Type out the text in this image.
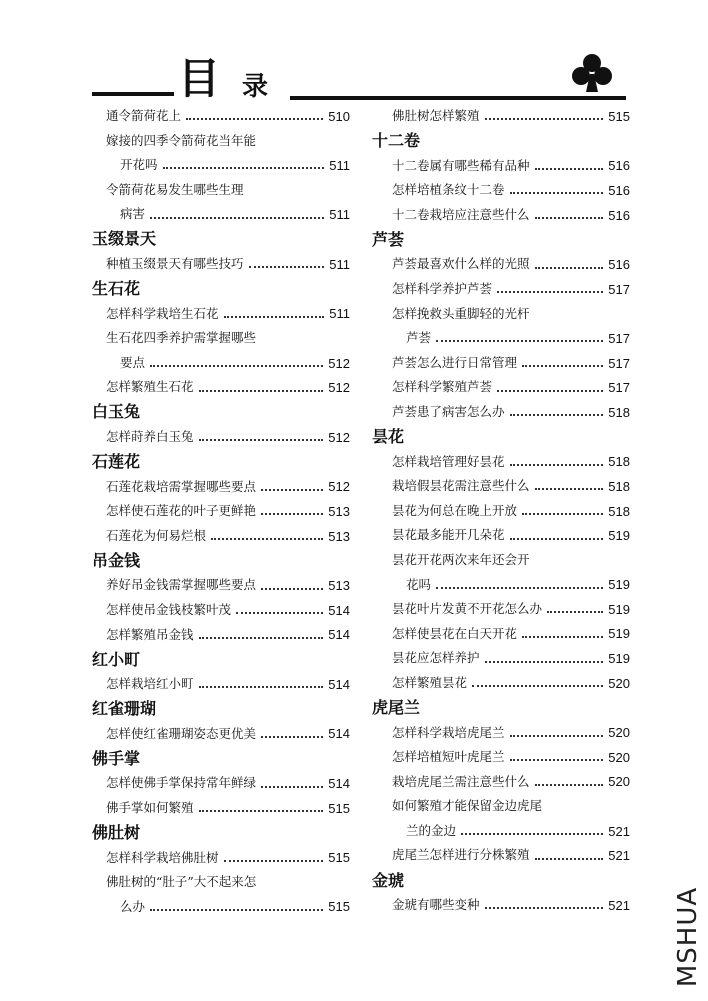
目 录
通令箭荷花上	510
嫁接的四季令箭荷花当年能
开花吗	511
令箭荷花易发生哪些生理
病害	511
玉缀景天
种植玉缀景天有哪些技巧	511
生石花
怎样科学栽培生石花	511
生石花四季养护需掌握哪些
要点	512
怎样繁殖生石花	512
白玉兔
怎样莳养白玉兔	512
石莲花
石莲花栽培需掌握哪些要点	512
怎样使石莲花的叶子更鲜艳	513
石莲花为何易烂根	513
吊金钱
养好吊金钱需掌握哪些要点	513
怎样使吊金钱枝繁叶茂	514
怎样繁殖吊金钱	514
红小町
怎样栽培红小町	514
红雀珊瑚
怎样使红雀珊瑚姿态更优美	514
佛手掌
怎样使佛手掌保持常年鲜绿	514
佛手掌如何繁殖	515
佛肚树
怎样科学栽培佛肚树	515
佛肚树的“肚子”大不起来怎
么办	515
佛肚树怎样繁殖	515
十二卷
十二卷属有哪些稀有品种	516
怎样培植条纹十二卷	516
十二卷栽培应注意些什么	516
芦荟
芦荟最喜欢什么样的光照	516
怎样科学养护芦荟	517
怎样挽救头重脚轻的光杆
芦荟	517
芦荟怎么进行日常管理	517
怎样科学繁殖芦荟	517
芦荟患了病害怎么办	518
昙花
怎样栽培管理好昙花	518
栽培假昙花需注意些什么	518
昙花为何总在晚上开放	518
昙花最多能开几朵花	519
昙花开花两次来年还会开
花吗	519
昙花叶片发黄不开花怎么办	519
怎样使昙花在白天开花	519
昙花应怎样养护	519
怎样繁殖昙花	520
虎尾兰
怎样科学栽培虎尾兰	520
怎样培植短叶虎尾兰	520
栽培虎尾兰需注意些什么	520
如何繁殖才能保留金边虎尾
兰的金边	521
虎尾兰怎样进行分株繁殖	521
金琥
金琥有哪些变种	521 MSHUA
